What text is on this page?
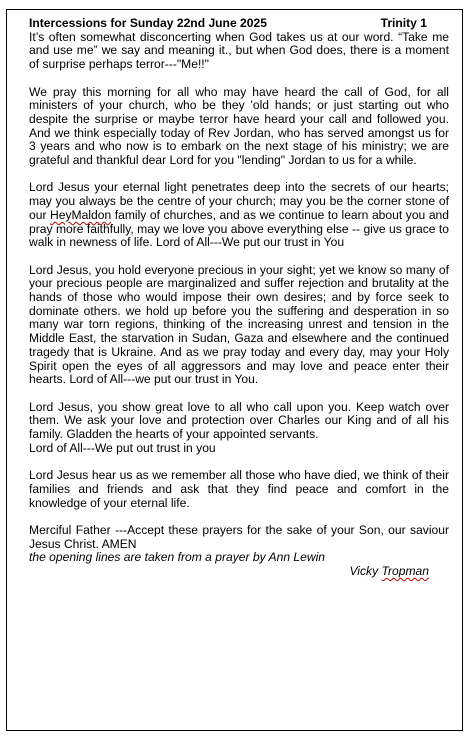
Intercessions for Sunday 22nd June 2025	Trinity 1

It’s often somewhat disconcerting when God takes us at our word. “Take me and use me” we say and meaning it., but when God does, there is a moment of surprise perhaps terror---"Me!!"

We pray this morning for all who may have heard the call of God, for all ministers of your church, who be they 'old hands; or just starting out who despite the surprise or maybe terror have heard your call and followed you. And we think especially today of Rev Jordan, who has served amongst us for 3 years and who now is to embark on the next stage of his ministry; we are grateful and thankful dear Lord for you "lending" Jordan to us for a while.

Lord Jesus your eternal light penetrates deep into the secrets of our hearts; may you always be the centre of your church; may you be the corner stone of our HeyMaldon family of churches, and as we continue to learn about you and pray more faithfully, may we love you above everything else -- give us grace to walk in newness of life. Lord of All---We put our trust in You

Lord Jesus, you hold everyone precious in your sight; yet we know so many of your precious people are marginalized and suffer rejection and brutality at the hands of those who would impose their own desires; and by force seek to dominate others. we hold up before you the suffering and desperation in so many war torn regions, thinking of the increasing unrest and tension in the Middle East, the starvation in Sudan, Gaza and elsewhere and the continued tragedy that is Ukraine. And as we pray today and every day, may your Holy Spirit open the eyes of all aggressors and may love and peace enter their hearts. Lord of All---we put our trust in You.

Lord Jesus, you show great love to all who call upon you. Keep watch over them. We ask your love and protection over Charles our King and of all his family. Gladden the hearts of your appointed servants.

Lord of All---We put out trust in you

Lord Jesus hear us as we remember all those who have died, we think of their families and friends and ask that they find peace and comfort in the knowledge of your eternal life.

Merciful Father ---Accept these prayers for the sake of your Son, our saviour Jesus Christ. AMEN

the opening lines are taken from a prayer by Ann Lewin
Vicky Tropman
